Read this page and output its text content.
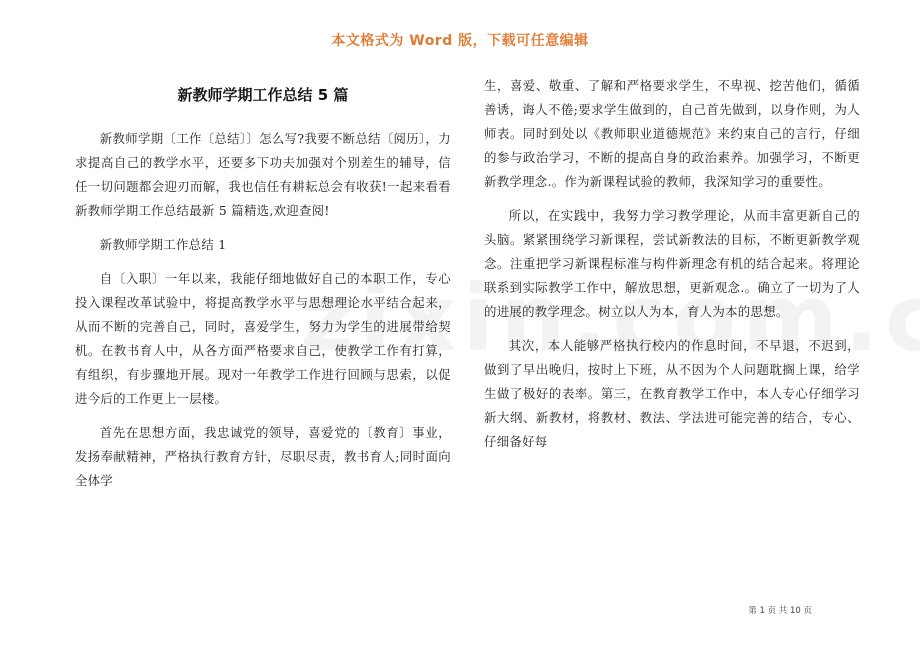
本文格式为 Word 版，下载可任意编辑
新教师学期工作总结 5 篇

新教师学期〔工作〔总结〕〕怎么写?我要不断总结〔阅历〕，力求提高自己的教学水平，还要多下功夫加强对个别差生的辅导，信任一切问题都会迎刃而解，我也信任有耕耘总会有收获!一起来看看新教师学期工作总结最新 5 篇精选,欢迎查阅!

新教师学期工作总结 1

自〔入职〕一年以来，我能仔细地做好自己的本职工作，专心投入课程改革试验中，将提高教学水平与思想理论水平结合起来，从而不断的完善自己，同时，喜爱学生，努力为学生的进展带给契机。在教书育人中，从各方面严格要求自己，使教学工作有打算，有组织，有步骤地开展。现对一年教学工作进行回顾与思索，以促进今后的工作更上一层楼。

首先在思想方面，我忠诚党的领导，喜爱党的〔教育〕事业，发扬奉献精神，严格执行教育方针，尽职尽责，教书育人;同时面向全体学

生，喜爱、敬重、了解和严格要求学生，不卑视、挖苦他们，循循善诱，诲人不倦;要求学生做到的，自己首先做到，以身作则，为人师表。同时到处以《教师职业道德规范》来约束自己的言行，仔细的参与政治学习，不断的提高自身的政治素养。加强学习，不断更新教学理念.。作为新课程试验的教师，我深知学习的重要性。

所以，在实践中，我努力学习教学理论，从而丰富更新自己的头脑。紧紧围绕学习新课程，尝试新教法的目标，不断更新教学观念。注重把学习新课程标准与构件新理念有机的结合起来。将理论联系到实际教学工作中，解放思想，更新观念.。确立了一切为了人的进展的教学理念。树立以人为本，育人为本的思想。

其次，本人能够严格执行校内的作息时间，不早退，不迟到，做到了早出晚归，按时上下班，从不因为个人问题耽搁上课，给学生做了极好的表率。第三，在教育教学工作中，本人专心仔细学习新大纲、新教材，将教材、教法、学法进可能完善的结合，专心、仔细备好每

第 1 页 共 10 页
